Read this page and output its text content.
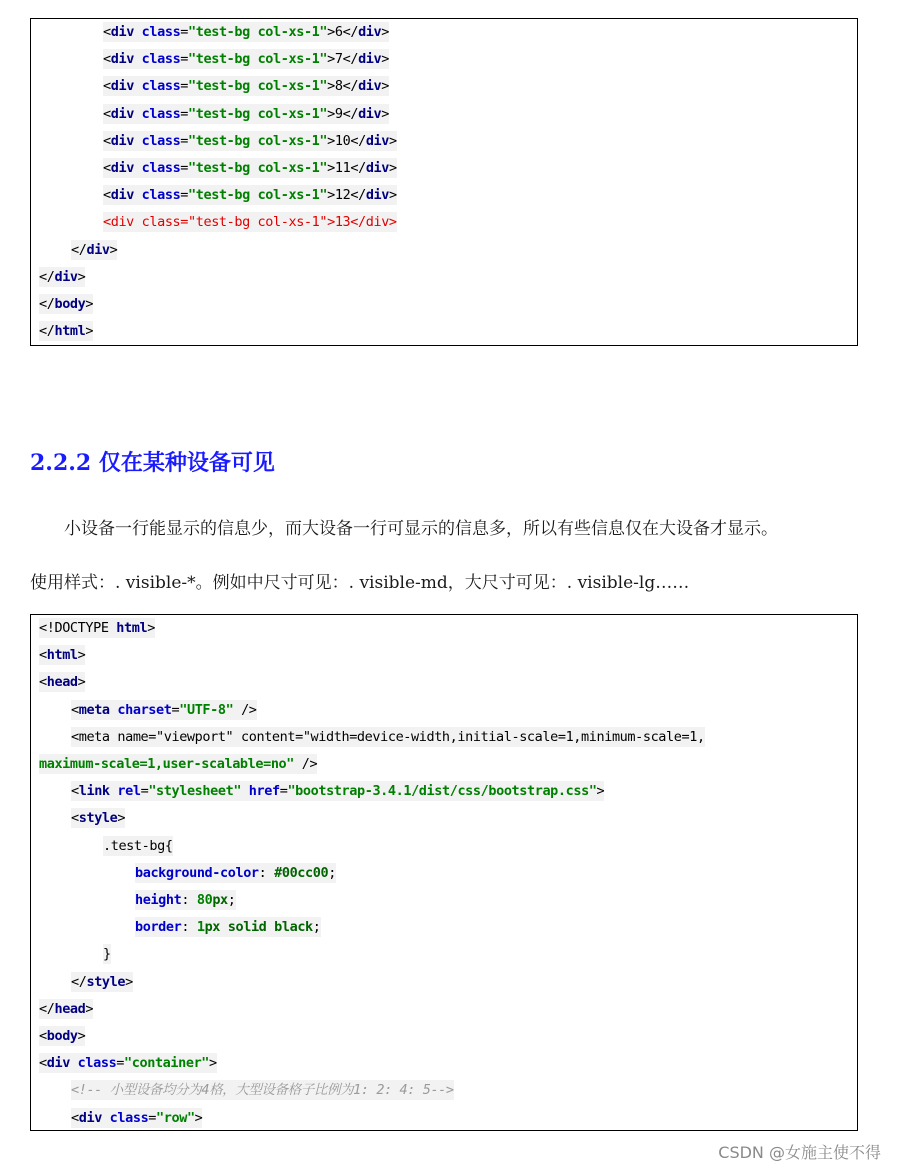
<div class="test-bg col-xs-1">6</div>
<div class="test-bg col-xs-1">7</div>
<div class="test-bg col-xs-1">8</div>
<div class="test-bg col-xs-1">9</div>
<div class="test-bg col-xs-1">10</div>
<div class="test-bg col-xs-1">11</div>
<div class="test-bg col-xs-1">12</div>
<div class="test-bg col-xs-1">13</div>
</div>
</div>
</body>
</html>
2.2.2 仅在某种设备可见

小设备一行能显示的信息少，而大设备一行可显示的信息多，所以有些信息仅在大设备才显示。

使用样式：. visible-*。例如中尺寸可见：. visible-md，大尺寸可见：. visible-lg……

<!DOCTYPE html>
<html>
<head>
<meta charset="UTF-8" />
<meta name="viewport" content="width=device-width,initial-scale=1,minimum-scale=1,
maximum-scale=1,user-scalable=no" />
<link rel="stylesheet" href="bootstrap-3.4.1/dist/css/bootstrap.css">
<style>
.test-bg{
background-color: #00cc00;
height: 80px;
border: 1px solid black;
}
</style>
</head>
<body>
<div class="container">
<!-- 小型设备均分为4格，大型设备格子比例为1: 2: 4: 5-->
<div class="row">
CSDN @女施主使不得
